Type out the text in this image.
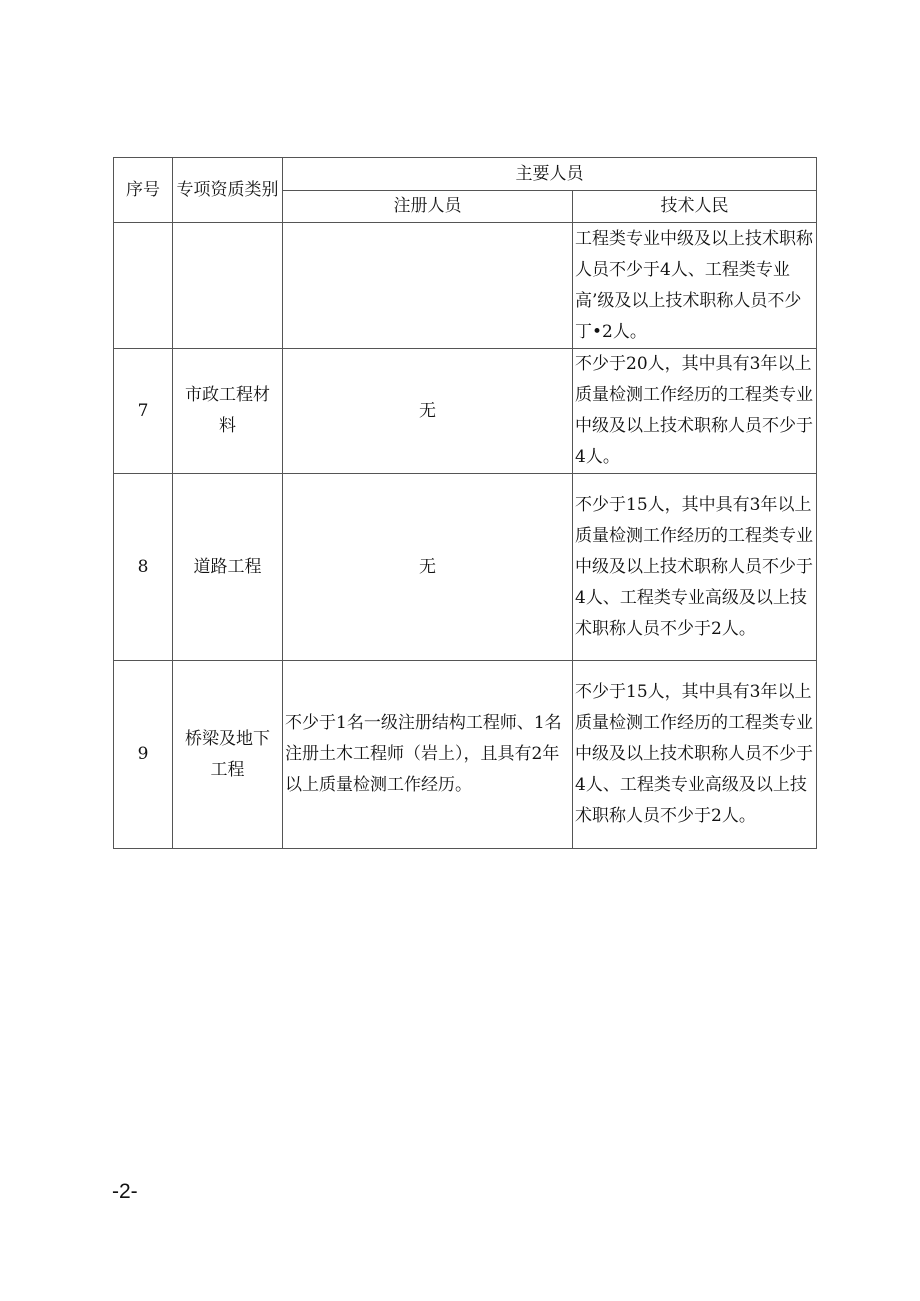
序号	专项资质类别	主要人员	
		注册人员	技术人民
			工程类专业中级及以上技术职称人员不少于4人、工程类专业高’级及以上技术职称人员不少丁•2人。
7	市政工程材料	无	不少于20人，其中具有3年以上质量检测工作经历的工程类专业中级及以上技术职称人员不少于4人。
8	道路工程	无	不少于15人，其中具有3年以上质量检测工作经历的工程类专业中级及以上技术职称人员不少于4人、工程类专业高级及以上技术职称人员不少于2人。
9	桥梁及地下工程	不少于1名一级注册结构工程师、1名注册土木工程师（岩上），且具有2年以上质量检测工作经历。	不少于15人，其中具有3年以上质量检测工作经历的工程类专业中级及以上技术职称人员不少于4人、工程类专业高级及以上技术职称人员不少于2人。
-2-
